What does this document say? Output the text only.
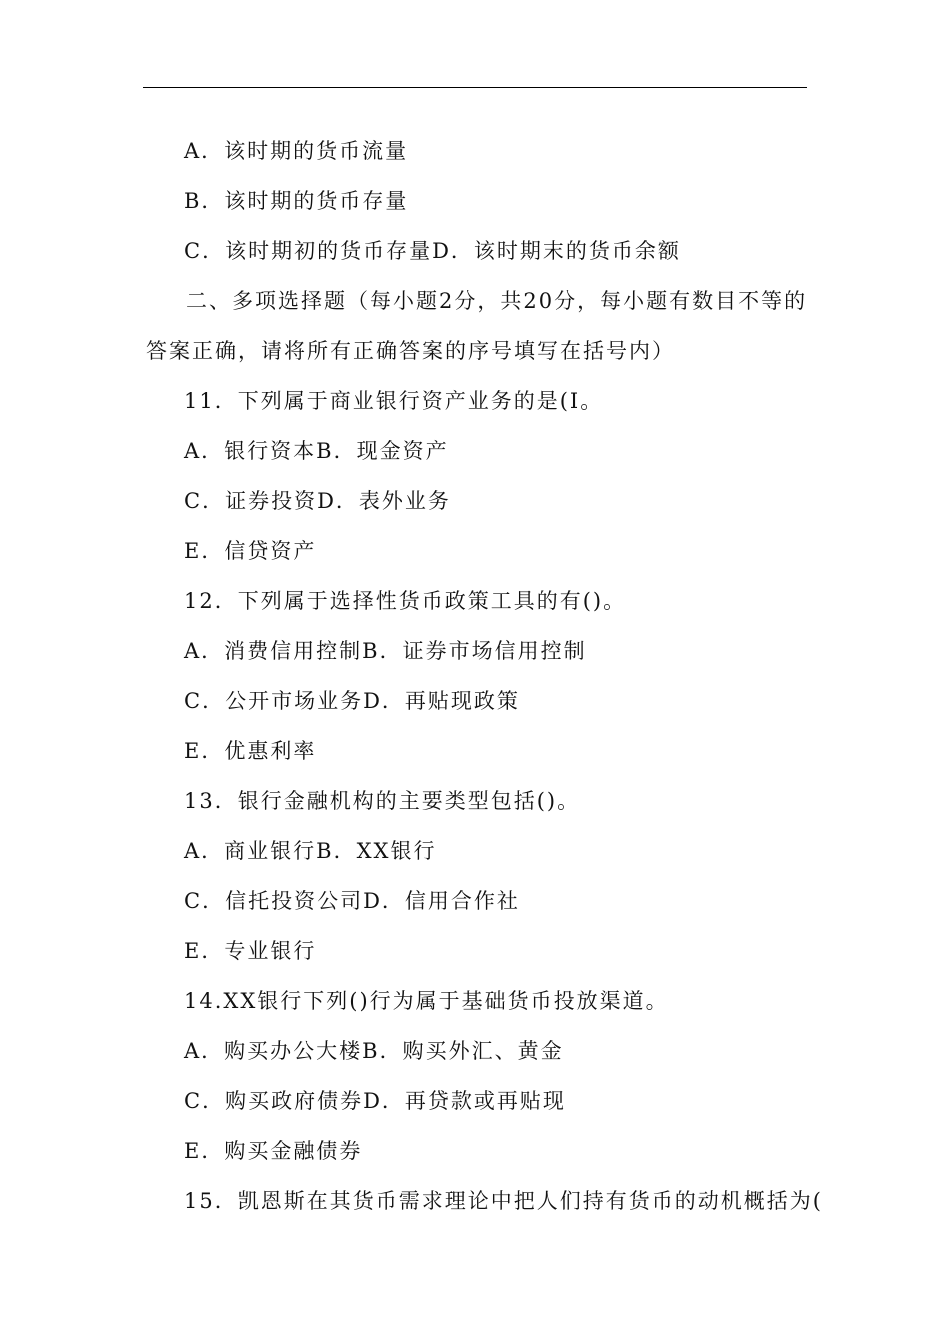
A．该时期的货币流量
B．该时期的货币存量
C．该时期初的货币存量D．该时期末的货币余额
二、多项选择题（每小题2分，共20分，每小题有数目不等的
答案正确，请将所有正确答案的序号填写在括号内）
11．下列属于商业银行资产业务的是(I。
A．银行资本B．现金资产
C．证券投资D．表外业务
E．信贷资产
12．下列属于选择性货币政策工具的有()。
A．消费信用控制B．证券市场信用控制
C．公开市场业务D．再贴现政策
E．优惠利率
13．银行金融机构的主要类型包括()。
A．商业银行B．XX银行
C．信托投资公司D．信用合作社
E．专业银行
14.XX银行下列()行为属于基础货币投放渠道。
A．购买办公大楼B．购买外汇、黄金
C．购买政府债券D．再贷款或再贴现
E．购买金融债券
15．凯恩斯在其货币需求理论中把人们持有货币的动机概括为(
